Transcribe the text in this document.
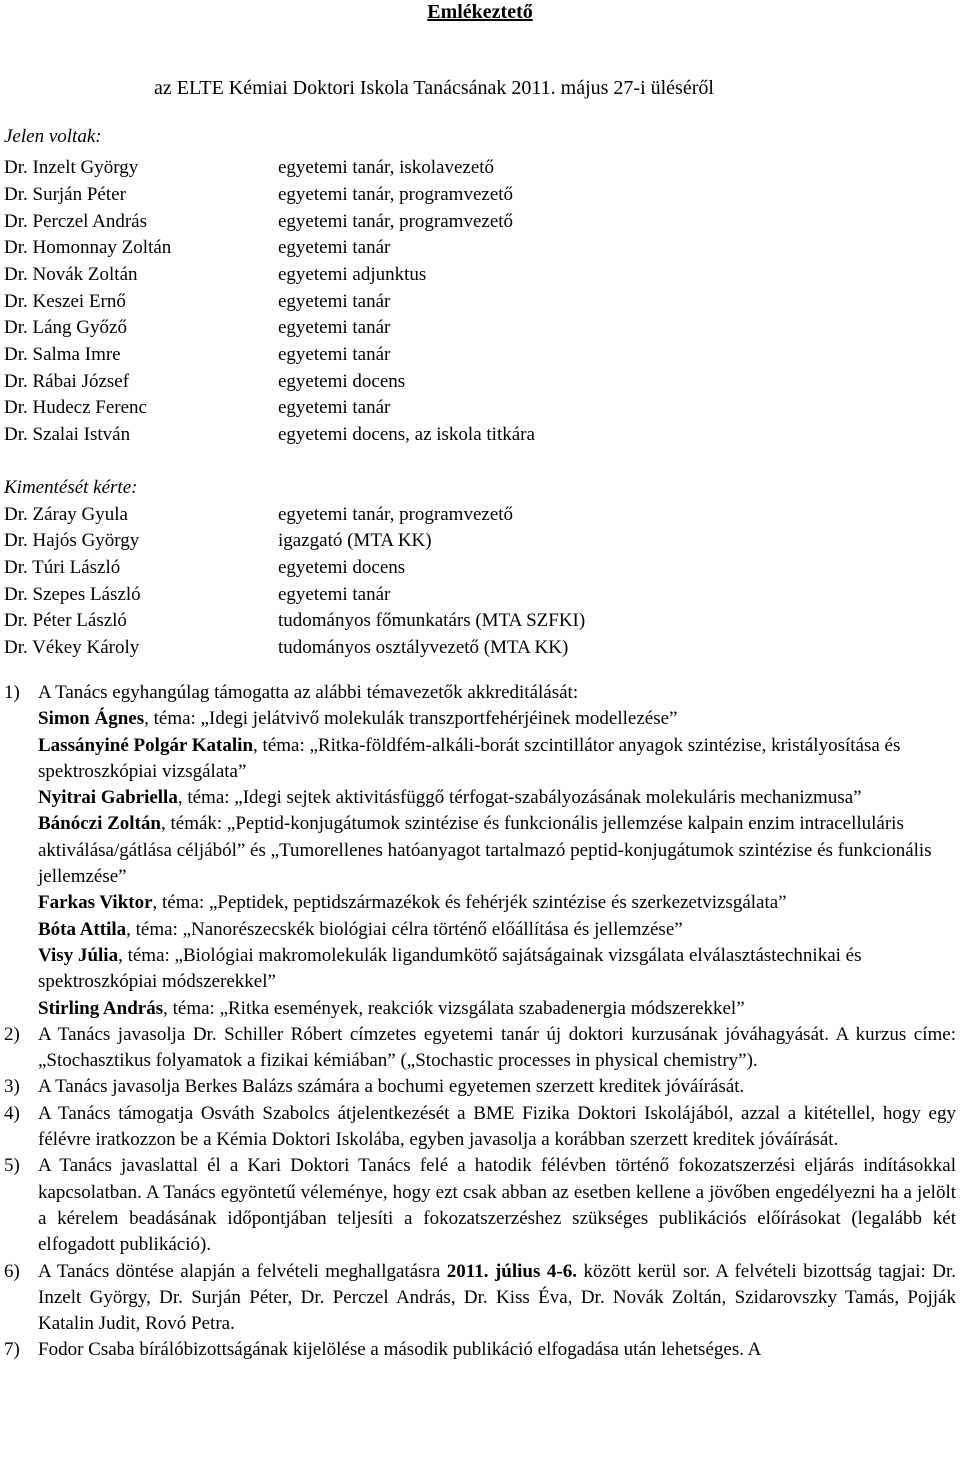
Emlékeztető
az ELTE Kémiai Doktori Iskola Tanácsának 2011. május 27-i üléséről
Jelen voltak:
Dr. Inzelt György	egyetemi tanár, iskolavezető
Dr. Surján Péter	egyetemi tanár, programvezető
Dr. Perczel András	egyetemi tanár, programvezető
Dr. Homonnay Zoltán	egyetemi tanár
Dr. Novák Zoltán	egyetemi adjunktus
Dr. Keszei Ernő	egyetemi tanár
Dr. Láng Győző	egyetemi tanár
Dr. Salma Imre	egyetemi tanár
Dr. Rábai József	egyetemi docens
Dr. Hudecz Ferenc	egyetemi tanár
Dr. Szalai István	egyetemi docens, az iskola titkára
Kimentését kérte:
Dr. Záray Gyula	egyetemi tanár, programvezető
Dr. Hajós György	igazgató (MTA KK)
Dr. Túri László	egyetemi docens
Dr. Szepes László	egyetemi tanár
Dr. Péter László	tudományos főmunkatárs (MTA SZFKI)
Dr. Vékey Károly	tudományos osztályvezető (MTA KK)
1) A Tanács egyhangúlag támogatta az alábbi témavezetők akkreditálását:

Simon Ágnes, téma: „Idegi jelátvivő molekulák transzportfehérjéinek modellezése”

Lassányiné Polgár Katalin, téma: „Ritka-földfém-alkáli-borát szcintillátor anyagok szintézise, kristályosítása és spektroszkópiai vizsgálata”

Nyitrai Gabriella, téma: „Idegi sejtek aktivitásfüggő térfogat-szabályozásának molekuláris mechanizmusa”

Bánóczi Zoltán, témák: „Peptid-konjugátumok szintézise és funkcionális jellemzése kalpain enzim intracelluláris aktiválása/gátlása céljából” és „Tumorellenes hatóanyagot tartalmazó peptid-konjugátumok szintézise és funkcionális jellemzése”

Farkas Viktor, téma: „Peptidek, peptidszármazékok és fehérjék szintézise és szerkezetvizsgálata”

Bóta Attila, téma: „Nanorészecskék biológiai célra történő előállítása és jellemzése”

Visy Júlia, téma: „Biológiai makromolekulák ligandumkötő sajátságainak vizsgálata elválasztástechnikai és spektroszkópiai módszerekkel”

Stirling András, téma: „Ritka események, reakciók vizsgálata szabadenergia módszerekkel”

2) A Tanács javasolja Dr. Schiller Róbert címzetes egyetemi tanár új doktori kurzusának jóváhagyását. A kurzus címe: „Stochasztikus folyamatok a fizikai kémiában” („Stochastic processes in physical chemistry”).
3) A Tanács javasolja Berkes Balázs számára a bochumi egyetemen szerzett kreditek jóváírását.
4) A Tanács támogatja Osváth Szabolcs átjelentkezését a BME Fizika Doktori Iskolájából, azzal a kitétellel, hogy egy félévre iratkozzon be a Kémia Doktori Iskolába, egyben javasolja a korábban szerzett kreditek jóváírását.
5) A Tanács javaslattal él a Kari Doktori Tanács felé a hatodik félévben történő fokozatszerzési eljárás indításokkal kapcsolatban. A Tanács egyöntetű véleménye, hogy ezt csak abban az esetben kellene a jövőben engedélyezni ha a jelölt a kérelem beadásának időpontjában teljesíti a fokozatszerzéshez szükséges publikációs előírásokat (legalább két elfogadott publikáció).
6) A Tanács döntése alapján a felvételi meghallgatásra 2011. július 4-6. között kerül sor. A felvételi bizottság tagjai: Dr. Inzelt György, Dr. Surján Péter, Dr. Perczel András, Dr. Kiss Éva, Dr. Novák Zoltán, Szidarovszky Tamás, Pojják Katalin Judit, Rovó Petra.
7) Fodor Csaba bírálóbizottságának kijelölése a második publikáció elfogadása után lehetséges. A
